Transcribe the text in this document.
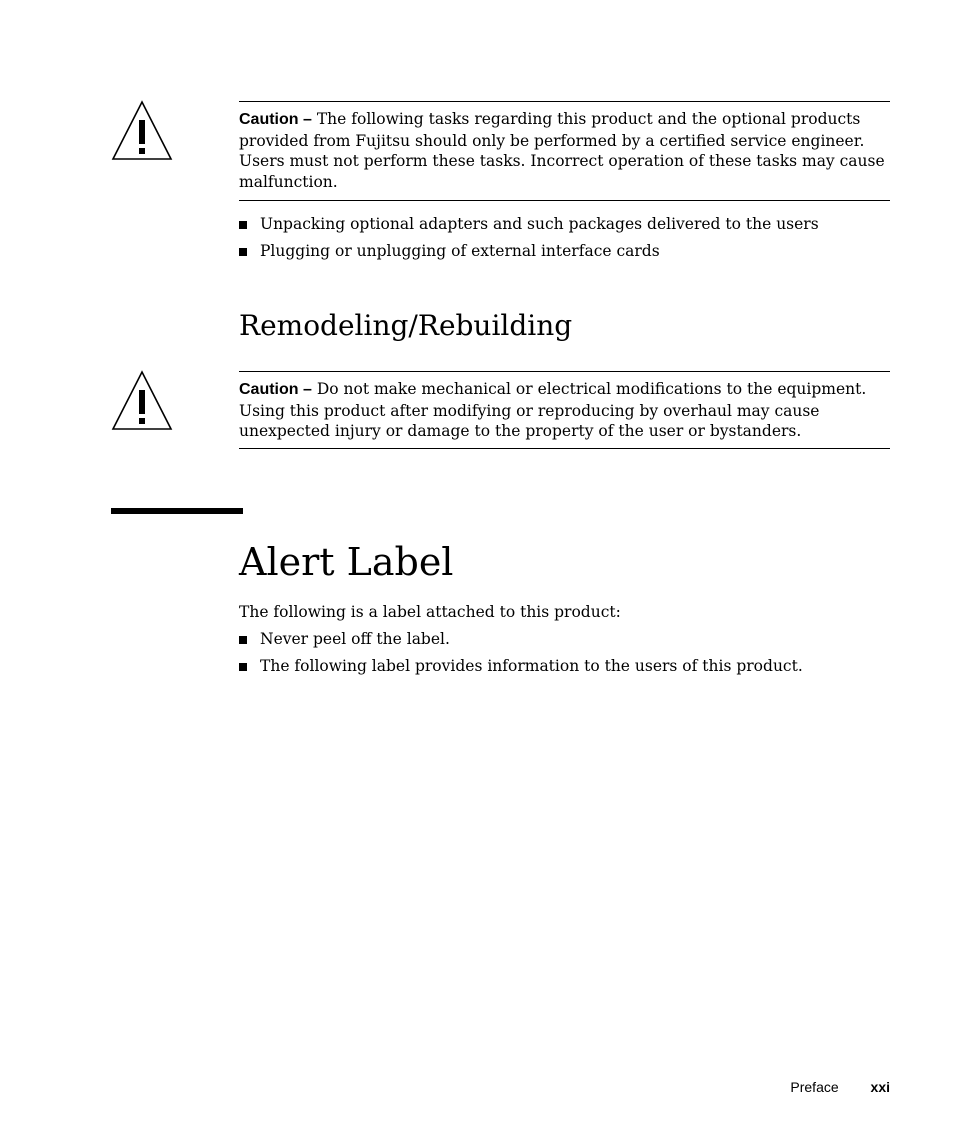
Caution – The following tasks regarding this product and the optional products provided from Fujitsu should only be performed by a certified service engineer. Users must not perform these tasks. Incorrect operation of these tasks may cause malfunction.

Unpacking optional adapters and such packages delivered to the users
Plugging or unplugging of external interface cards
Remodeling/Rebuilding

Caution – Do not make mechanical or electrical modifications to the equipment. Using this product after modifying or reproducing by overhaul may cause unexpected injury or damage to the property of the user or bystanders.

Alert Label

The following is a label attached to this product:

Never peel off the label.
The following label provides information to the users of this product.
Preface xxi
